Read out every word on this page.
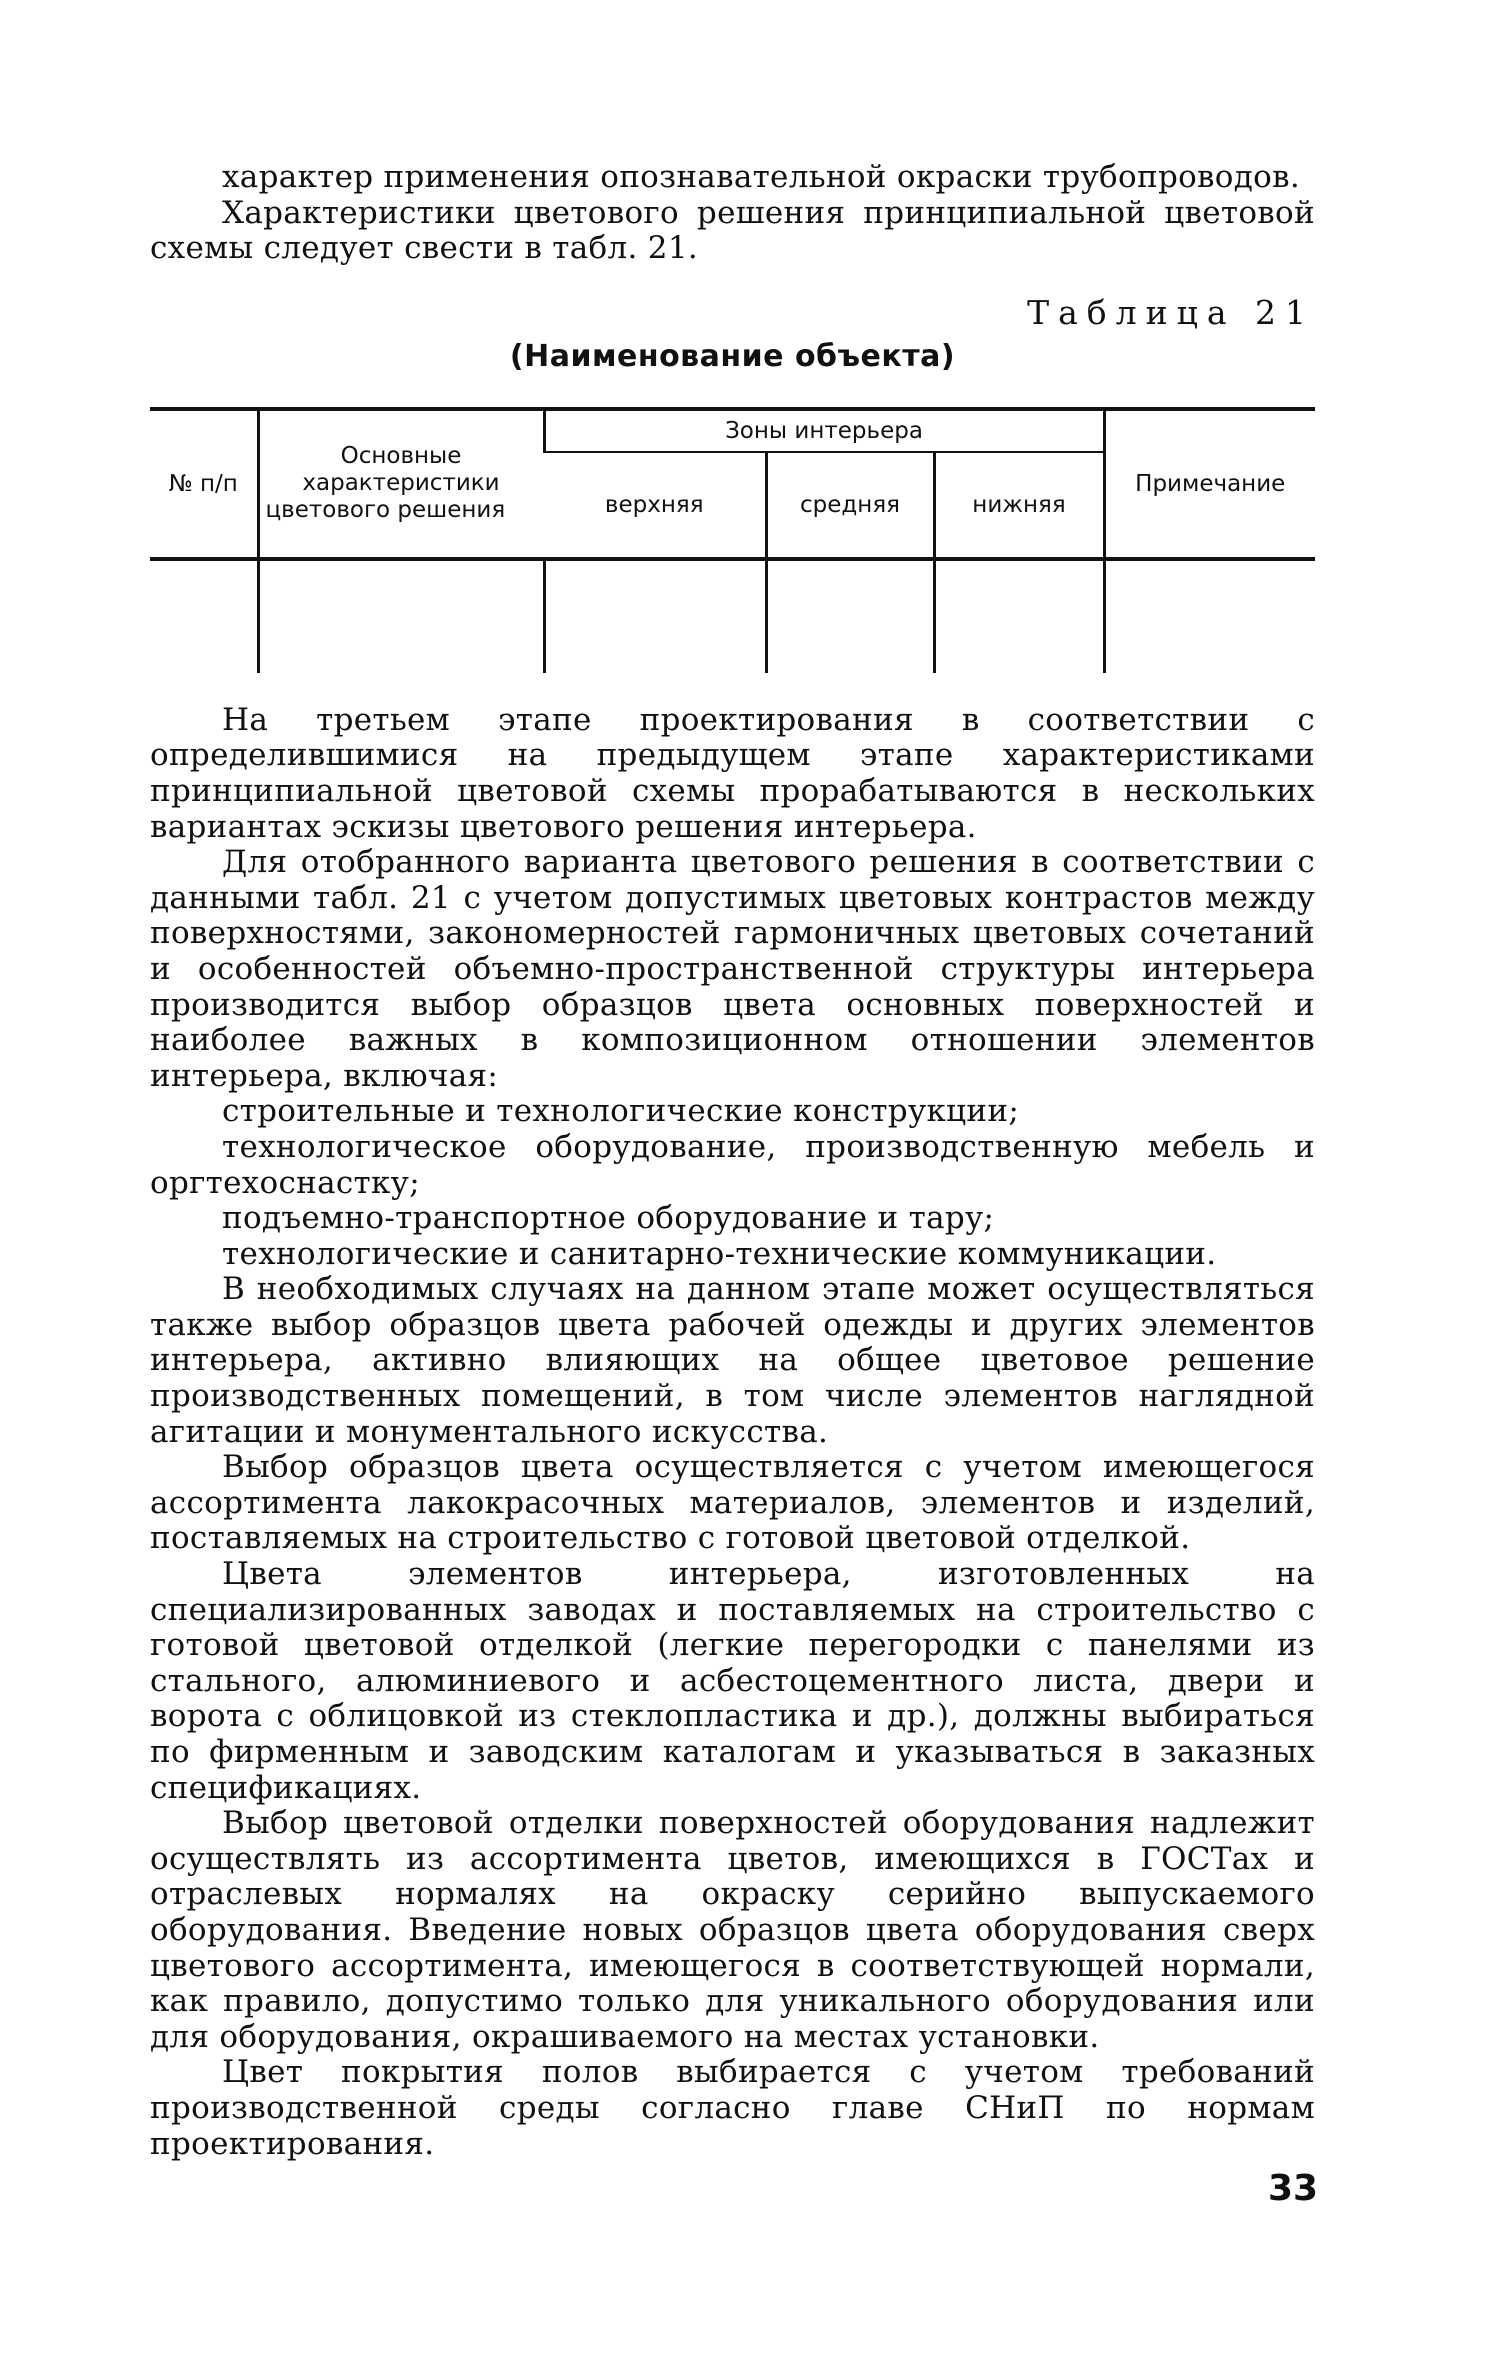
характер применения опознавательной окраски трубопроводов.

Характеристики цветового решения принципиальной цветовой схемы следует свести в табл. 21.

Таблица 21
(Наименование объекта)
№ п/п	Основные характеристики цветового решения	Зоны интерьера			Примечание
		верхняя	средняя	нижняя	

На третьем этапе проектирования в соответствии с определившимися на предыдущем этапе характеристиками принципиальной цветовой схемы прорабатываются в нескольких вариантах эскизы цветового решения интерьера.

Для отобранного варианта цветового решения в соответствии с данными табл. 21 с учетом допустимых цветовых контрастов между поверхностями, закономерностей гармоничных цветовых сочетаний и особенностей объемно-пространственной структуры интерьера производится выбор образцов цвета основных поверхностей и наиболее важных в композиционном отношении элементов интерьера, включая:

строительные и технологические конструкции;

технологическое оборудование, производственную мебель и оргтехоснастку;

подъемно-транспортное оборудование и тару;

технологические и санитарно-технические коммуникации.

В необходимых случаях на данном этапе может осуществляться также выбор образцов цвета рабочей одежды и других элементов интерьера, активно влияющих на общее цветовое решение производственных помещений, в том числе элементов наглядной агитации и монументального искусства.

Выбор образцов цвета осуществляется с учетом имеющегося ассортимента лакокрасочных материалов, элементов и изделий, поставляемых на строительство с готовой цветовой отделкой.

Цвета элементов интерьера, изготовленных на специализированных заводах и поставляемых на строительство с готовой цветовой отделкой (легкие перегородки с панелями из стального, алюминиевого и асбестоцементного листа, двери и ворота с облицовкой из стеклопластика и др.), должны выбираться по фирменным и заводским каталогам и указываться в заказных спецификациях.

Выбор цветовой отделки поверхностей оборудования надлежит осуществлять из ассортимента цветов, имеющихся в ГОСТах и отраслевых нормалях на окраску серийно выпускаемого оборудования. Введение новых образцов цвета оборудования сверх цветового ассортимента, имеющегося в соответствующей нормали, как правило, допустимо только для уникального оборудования или для оборудования, окрашиваемого на местах установки.

Цвет покрытия полов выбирается с учетом требований производственной среды согласно главе СНиП по нормам проектирования.

33
